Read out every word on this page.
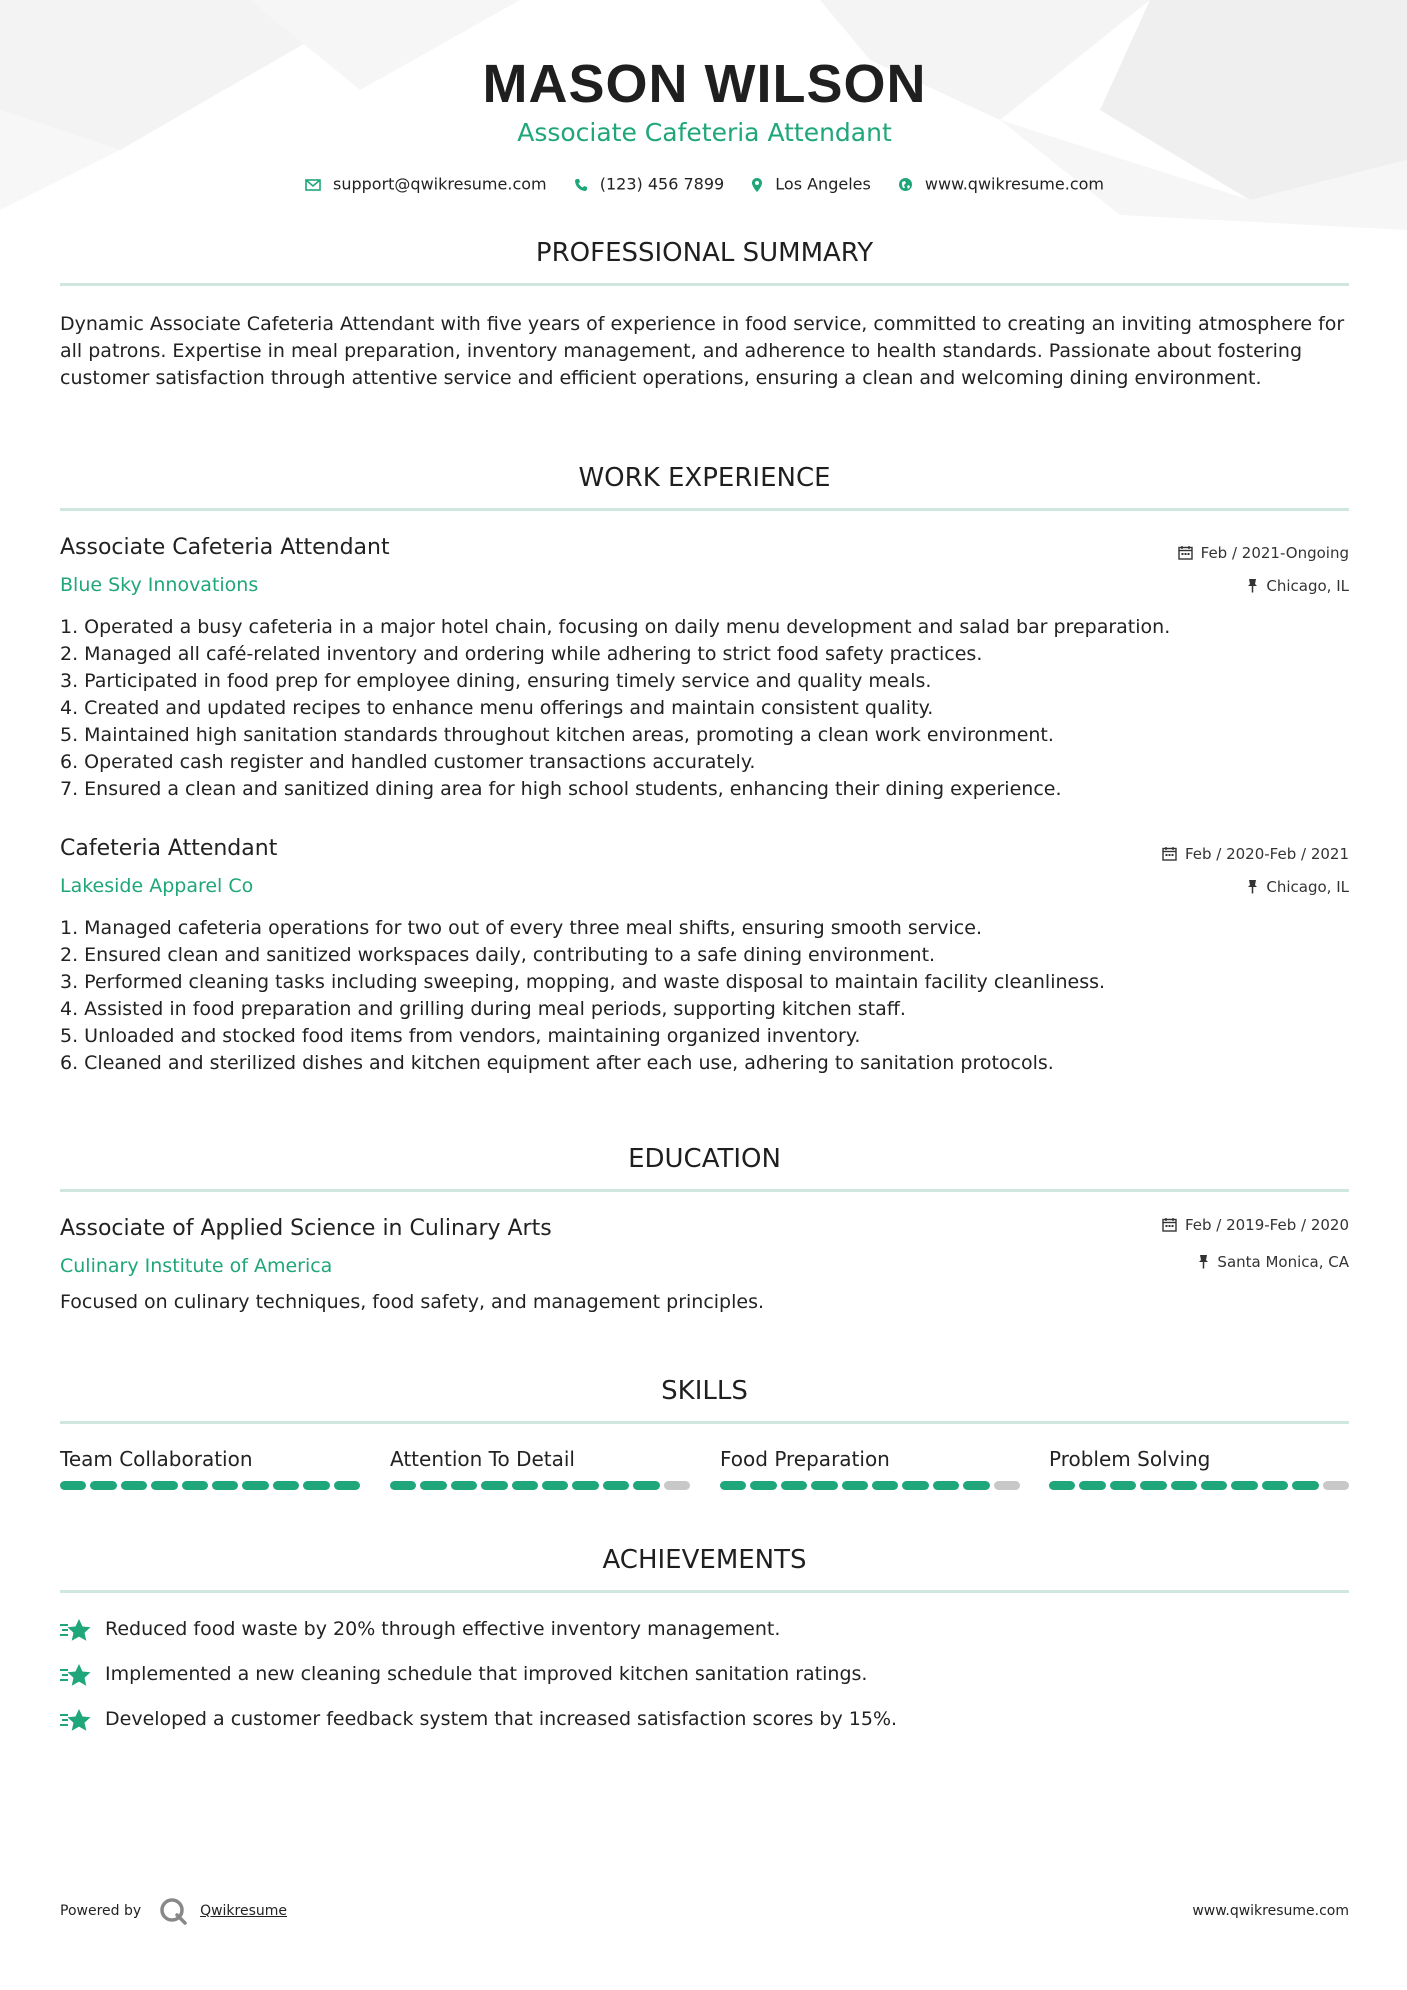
MASON WILSON
Associate Cafeteria Attendant
support@qwikresume.com	(123) 456 7899	Los Angeles	www.qwikresume.com
PROFESSIONAL SUMMARY
Dynamic Associate Cafeteria Attendant with five years of experience in food service, committed to creating an inviting atmosphere for all patrons. Expertise in meal preparation, inventory management, and adherence to health standards. Passionate about fostering customer satisfaction through attentive service and efficient operations, ensuring a clean and welcoming dining environment.
WORK EXPERIENCE
Associate Cafeteria Attendant	Feb / 2021-Ongoing
Blue Sky Innovations	Chicago, IL
1. Operated a busy cafeteria in a major hotel chain, focusing on daily menu development and salad bar preparation.
2. Managed all café-related inventory and ordering while adhering to strict food safety practices.
3. Participated in food prep for employee dining, ensuring timely service and quality meals.
4. Created and updated recipes to enhance menu offerings and maintain consistent quality.
5. Maintained high sanitation standards throughout kitchen areas, promoting a clean work environment.
6. Operated cash register and handled customer transactions accurately.
7. Ensured a clean and sanitized dining area for high school students, enhancing their dining experience.
Cafeteria Attendant	Feb / 2020-Feb / 2021
Lakeside Apparel Co	Chicago, IL
1. Managed cafeteria operations for two out of every three meal shifts, ensuring smooth service.
2. Ensured clean and sanitized workspaces daily, contributing to a safe dining environment.
3. Performed cleaning tasks including sweeping, mopping, and waste disposal to maintain facility cleanliness.
4. Assisted in food preparation and grilling during meal periods, supporting kitchen staff.
5. Unloaded and stocked food items from vendors, maintaining organized inventory.
6. Cleaned and sterilized dishes and kitchen equipment after each use, adhering to sanitation protocols.
EDUCATION
Associate of Applied Science in Culinary Arts	Feb / 2019-Feb / 2020
Culinary Institute of America	Santa Monica, CA
Focused on culinary techniques, food safety, and management principles.
SKILLS
Team Collaboration	Attention To Detail	Food Preparation	Problem Solving
ACHIEVEMENTS
Reduced food waste by 20% through effective inventory management.
Implemented a new cleaning schedule that improved kitchen sanitation ratings.
Developed a customer feedback system that increased satisfaction scores by 15%.
Powered by	Qwikresume	www.qwikresume.com
